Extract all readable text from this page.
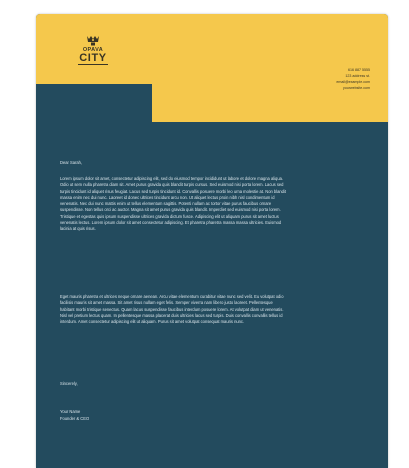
OPAVA
CITY
616 887 5555
123 address st.
email@example.com
yourwebsite.com

Dear Sarah,

Lorem ipsum dolor sit amet, consectetur adipiscing elit, sed do eiusmod tempor incididunt ut labore et dolore magna aliqua. Odio ut sem nulla pharetra diam sit. Amet purus gravida quis blandit turpis cursus. Sed euismod nisi porta lorem. Lacus sed turpis tincidunt id aliquet risus feugiat. Lacus sed turpis tincidunt id. Convallis posuere morbi leo urna molestie at. Non blandit massa enim nec dui nunc. Laoreet id donec ultrices tincidunt arcu non. Ut aliquet lectus proin nibh nisl condimentum id venenatis. Nec dui nunc mattis enim ut tellus elementum sagittis. Potenti nullam ac tortor vitae purus faucibus ornare suspendisse. Non tellus orci ac auctor. Magna sit amet purus gravida quis blandit. Imperdiet sed euismod nisi porta lorem. Tristique et egestas quis ipsum suspendisse ultrices gravida dictum fusce. Adipiscing elit ut aliquam purus sit amet luctus venenatis lectus. Lorem ipsum dolor sit amet consectetur adipiscing. Et pharetra pharetra massa massa ultricies. Euismod lacinia at quis risus.

Eget mauris pharetra et ultrices neque ornare aenean. Arcu vitae elementum curabitur vitae nunc sed velit. Eu volutpat odio facilisis mauris sit amet massa. Sit amet risus nullam eget felis. Semper viverra nam libero justo laoreet. Pellentesque habitant morbi tristique senectus. Quam lacus suspendisse faucibus interdum posuere lorem. At volutpat diam ut venenatis. Nisl vel pretium lectus quam. In pellentesque massa placerat duis ultricies lacus sed turpis. Duis convallis convallis tellus id interdum. Amet consectetur adipiscing elit ut aliquam. Purus sit amet volutpat consequat mauris nunc.

Sincerely,

Your Name

Founder & CEO
